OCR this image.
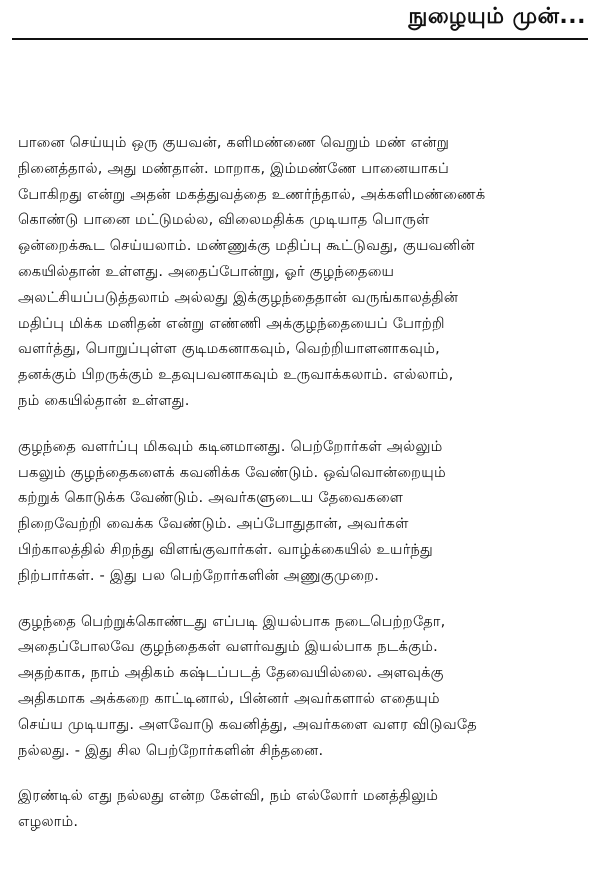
நுழையும் முன்...

பானை செய்யும் ஒரு குயவன், களிமண்ணை வெறும் மண் என்று
நினைத்தால், அது மண்தான். மாறாக, இம்மண்ணே பானையாகப்
போகிறது என்று அதன் மகத்துவத்தை உணர்ந்தால், அக்களிமண்ணைக்
கொண்டு பானை மட்டுமல்ல, விலைமதிக்க முடியாத பொருள்
ஒன்றைக்கூட செய்யலாம். மண்ணுக்கு மதிப்பு கூட்டுவது, குயவனின்
கையில்தான் உள்ளது. அதைப்போன்று, ஓர் குழந்தையை
அலட்சியப்படுத்தலாம் அல்லது இக்குழந்தைதான் வருங்காலத்தின்
மதிப்பு மிக்க மனிதன் என்று எண்ணி அக்குழந்தையைப் போற்றி
வளர்த்து, பொறுப்புள்ள குடிமகனாகவும், வெற்றியாளனாகவும்,
தனக்கும் பிறருக்கும் உதவுபவனாகவும் உருவாக்கலாம். எல்லாம்,
நம் கையில்தான் உள்ளது.

குழந்தை வளர்ப்பு மிகவும் கடினமானது. பெற்றோர்கள் அல்லும்
பகலும் குழந்தைகளைக் கவனிக்க வேண்டும். ஒவ்வொன்றையும்
கற்றுக் கொடுக்க வேண்டும். அவர்களுடைய தேவைகளை
நிறைவேற்றி வைக்க வேண்டும். அப்போதுதான், அவர்கள்
பிற்காலத்தில் சிறந்து விளங்குவார்கள். வாழ்க்கையில் உயர்ந்து
நிற்பார்கள். - இது பல பெற்றோர்களின் அணுகுமுறை.

குழந்தை பெற்றுக்கொண்டது எப்படி இயல்பாக நடைபெற்றதோ,
அதைப்போலவே குழந்தைகள் வளர்வதும் இயல்பாக நடக்கும்.
அதற்காக, நாம் அதிகம் கஷ்டப்படத் தேவையில்லை. அளவுக்கு
அதிகமாக அக்கறை காட்டினால், பின்னர் அவர்களால் எதையும்
செய்ய முடியாது. அளவோடு கவனித்து, அவர்களை வளர விடுவதே
நல்லது. - இது சில பெற்றோர்களின் சிந்தனை.

இரண்டில் எது நல்லது என்ற கேள்வி, நம் எல்லோர் மனத்திலும்
எழலாம்.
